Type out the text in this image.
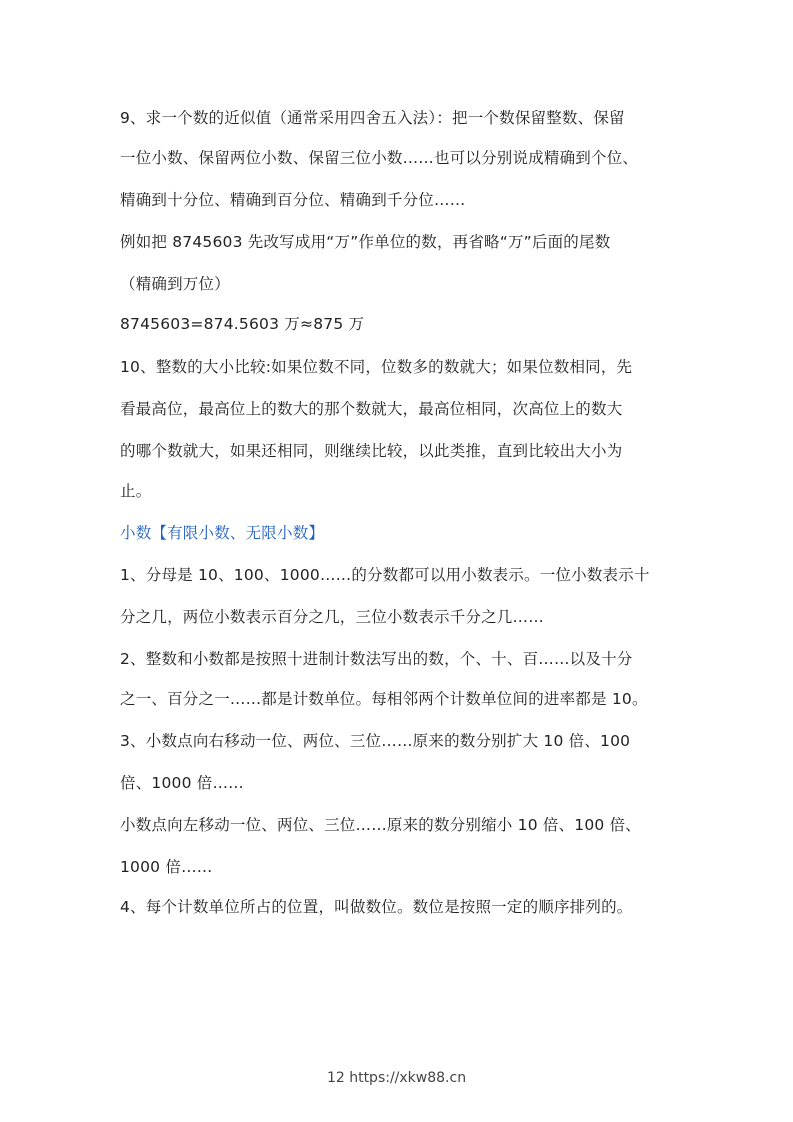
9、求一个数的近似值（通常采用四舍五入法）：把一个数保留整数、保留
一位小数、保留两位小数、保留三位小数……也可以分别说成精确到个位、
精确到十分位、精确到百分位、精确到千分位……
例如把 8745603 先改写成用“万”作单位的数，再省略“万”后面的尾数
（精确到万位）
8745603=874.5603 万≈875 万
10、整数的大小比较:如果位数不同，位数多的数就大；如果位数相同，先
看最高位，最高位上的数大的那个数就大，最高位相同，次高位上的数大
的哪个数就大，如果还相同，则继续比较，以此类推，直到比较出大小为
止。
小数【有限小数、无限小数】
1、分母是 10、100、1000……的分数都可以用小数表示。一位小数表示十
分之几，两位小数表示百分之几，三位小数表示千分之几……
2、整数和小数都是按照十进制计数法写出的数，个、十、百……以及十分
之一、百分之一……都是计数单位。每相邻两个计数单位间的进率都是 10。
3、小数点向右移动一位、两位、三位……原来的数分别扩大 10 倍、100
倍、1000 倍……
小数点向左移动一位、两位、三位……原来的数分别缩小 10 倍、100 倍、
1000 倍……
4、每个计数单位所占的位置，叫做数位。数位是按照一定的顺序排列的。
12 https://xkw88.cn
